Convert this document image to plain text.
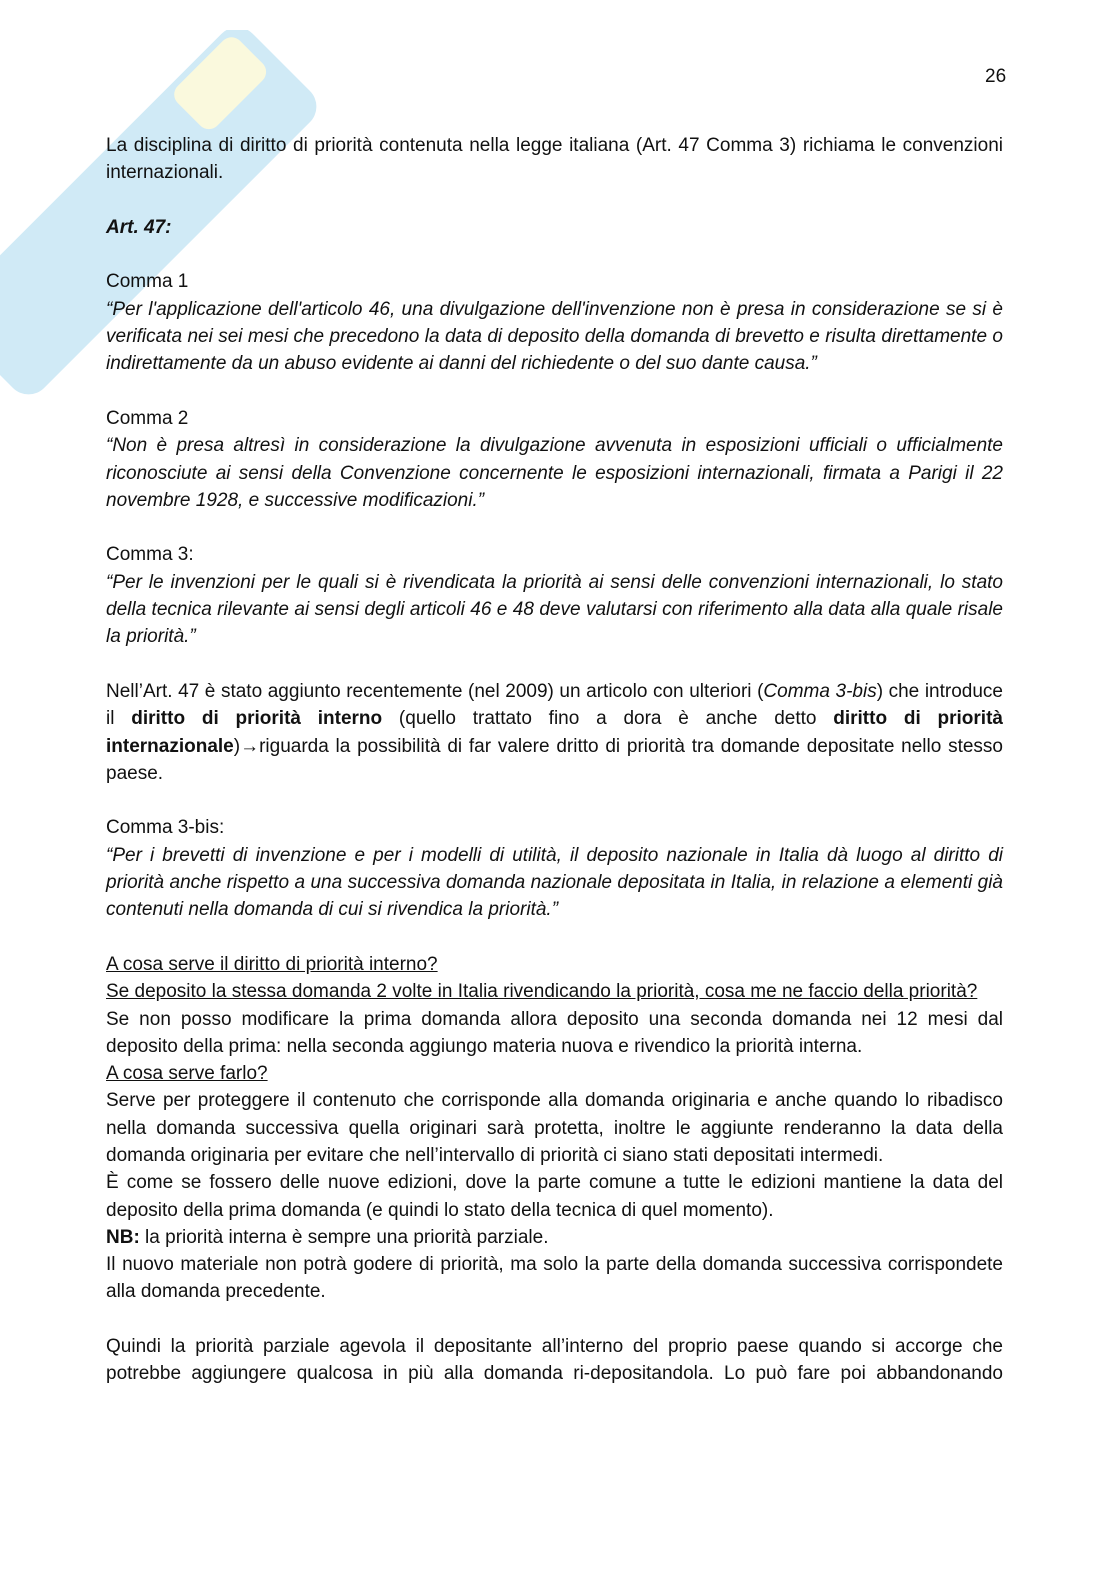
26

La disciplina di diritto di priorità contenuta nella legge italiana (Art. 47 Comma 3) richiama le convenzioni internazionali.

Art. 47:

Comma 1

“Per l'applicazione dell'articolo 46, una divulgazione dell'invenzione non è presa in considerazione se si è verificata nei sei mesi che precedono la data di deposito della domanda di brevetto e risulta direttamente o indirettamente da un abuso evidente ai danni del richiedente o del suo dante causa.”

Comma 2

“Non è presa altresì in considerazione la divulgazione avvenuta in esposizioni ufficiali o ufficialmente riconosciute ai sensi della Convenzione concernente le esposizioni internazionali, firmata a Parigi il 22 novembre 1928, e successive modificazioni.”

Comma 3:

“Per le invenzioni per le quali si è rivendicata la priorità ai sensi delle convenzioni internazionali, lo stato della tecnica rilevante ai sensi degli articoli 46 e 48 deve valutarsi con riferimento alla data alla quale risale la priorità.”

Nell’Art. 47 è stato aggiunto recentemente (nel 2009) un articolo con ulteriori (Comma 3-bis) che introduce il diritto di priorità interno (quello trattato fino a dora è anche detto diritto di priorità internazionale)→riguarda la possibilità di far valere dritto di priorità tra domande depositate nello stesso paese.

Comma 3-bis:

“Per i brevetti di invenzione e per i modelli di utilità, il deposito nazionale in Italia dà luogo al diritto di priorità anche rispetto a una successiva domanda nazionale depositata in Italia, in relazione a elementi già contenuti nella domanda di cui si rivendica la priorità.”

A cosa serve il diritto di priorità interno?

Se deposito la stessa domanda 2 volte in Italia rivendicando la priorità, cosa me ne faccio della priorità?

Se non posso modificare la prima domanda allora deposito una seconda domanda nei 12 mesi dal deposito della prima: nella seconda aggiungo materia nuova e rivendico la priorità interna.

A cosa serve farlo?

Serve per proteggere il contenuto che corrisponde alla domanda originaria e anche quando lo ribadisco nella domanda successiva quella originari sarà protetta, inoltre le aggiunte renderanno la data della domanda originaria per evitare che nell’intervallo di priorità ci siano stati depositati intermedi.

È come se fossero delle nuove edizioni, dove la parte comune a tutte le edizioni mantiene la data del deposito della prima domanda (e quindi lo stato della tecnica di quel momento).

NB: la priorità interna è sempre una priorità parziale.

Il nuovo materiale non potrà godere di priorità, ma solo la parte della domanda successiva corrispondete alla domanda precedente.

Quindi la priorità parziale agevola il depositante all’interno del proprio paese quando si accorge che potrebbe aggiungere qualcosa in più alla domanda ri-depositandola. Lo può fare poi abbandonando
